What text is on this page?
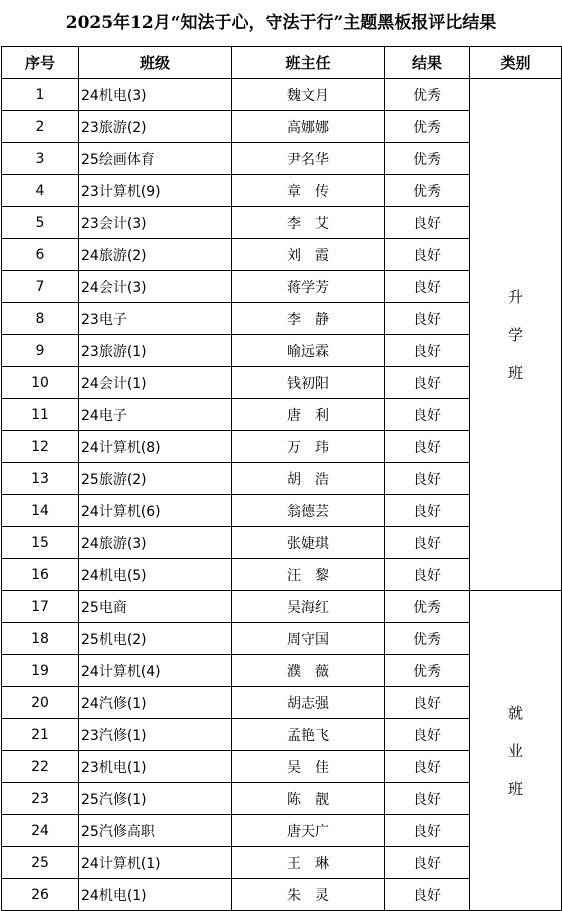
2025年12月“知法于心，守法于行”主题黑板报评比结果
序号	班级	班主任	结果	类别
1	24机电(3)	魏文月	优秀	升
学
班

2	23旅游(2)	高娜娜	优秀	
3	25绘画体育	尹名华	优秀	
4	23计算机(9)	章　传	优秀	
5	23会计(3)	李　艾	良好	
6	24旅游(2)	刘　霞	良好	
7	24会计(3)	蒋学芳	良好	
8	23电子	李　静	良好	
9	23旅游(1)	喻远霖	良好	
10	24会计(1)	钱初阳	良好	
11	24电子	唐　利	良好	
12	24计算机(8)	万　玮	良好	
13	25旅游(2)	胡　浩	良好	
14	24计算机(6)	翁德芸	良好	
15	24旅游(3)	张婕琪	良好	
16	24机电(5)	汪　黎	良好	
17	25电商	吴海红	优秀	就
业
班

18	25机电(2)	周守国	优秀	
19	24计算机(4)	濮　薇	优秀	
20	24汽修(1)	胡志强	良好	
21	23汽修(1)	孟艳飞	良好	
22	23机电(1)	吴　佳	良好	
23	25汽修(1)	陈　靓	良好	
24	25汽修高职	唐天广	良好	
25	24计算机(1)	王　琳	良好	
26	24机电(1)	朱　灵	良好	
